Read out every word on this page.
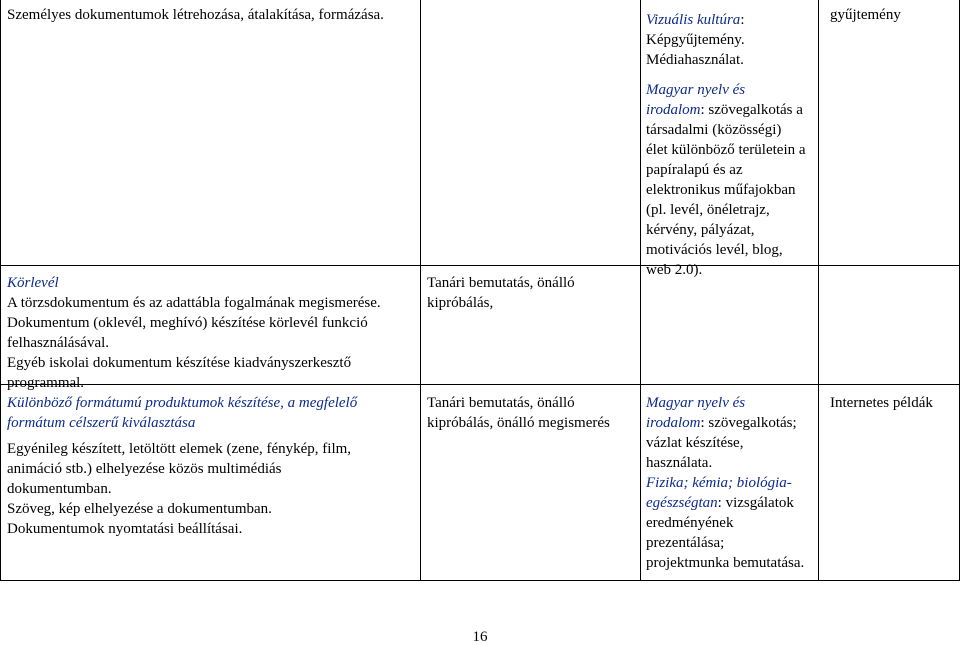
Személyes dokumentumok létrehozása, átalakítása, formázása.	Vizuális kultúra:

Képgyűjtemény.

Médiahasználat.

Magyar nyelv és

irodalom: szövegalkotás a

társadalmi (közösségi)

élet különböző területein a

papíralapú és az

elektronikus műfajokban

(pl. levél, önéletrajz,

kérvény, pályázat,

motivációs levél, blog,

web 2.0).

gyűjtemény

Körlevél

A törzsdokumentum és az adattábla fogalmának megismerése.

Dokumentum (oklevél, meghívó) készítése körlevél funkció

felhasználásával.

Egyéb iskolai dokumentum készítése kiadványszerkesztő

programmal.

Tanári bemutatás, önálló

kipróbálás,

Különböző formátumú produktumok készítése, a megfelelő

formátum célszerű kiválasztása

Egyénileg készített, letöltött elemek (zene, fénykép, film,

animáció stb.) elhelyezése közös multimédiás

dokumentumban.

Szöveg, kép elhelyezése a dokumentumban.

Dokumentumok nyomtatási beállításai.

Tanári bemutatás, önálló

kipróbálás, önálló megismerés

Magyar nyelv és

irodalom: szövegalkotás;

vázlat készítése,

használata.

Fizika; kémia; biológia-

egészségtan: vizsgálatok

eredményének

prezentálása;

projektmunka bemutatása.

Internetes példák

16
